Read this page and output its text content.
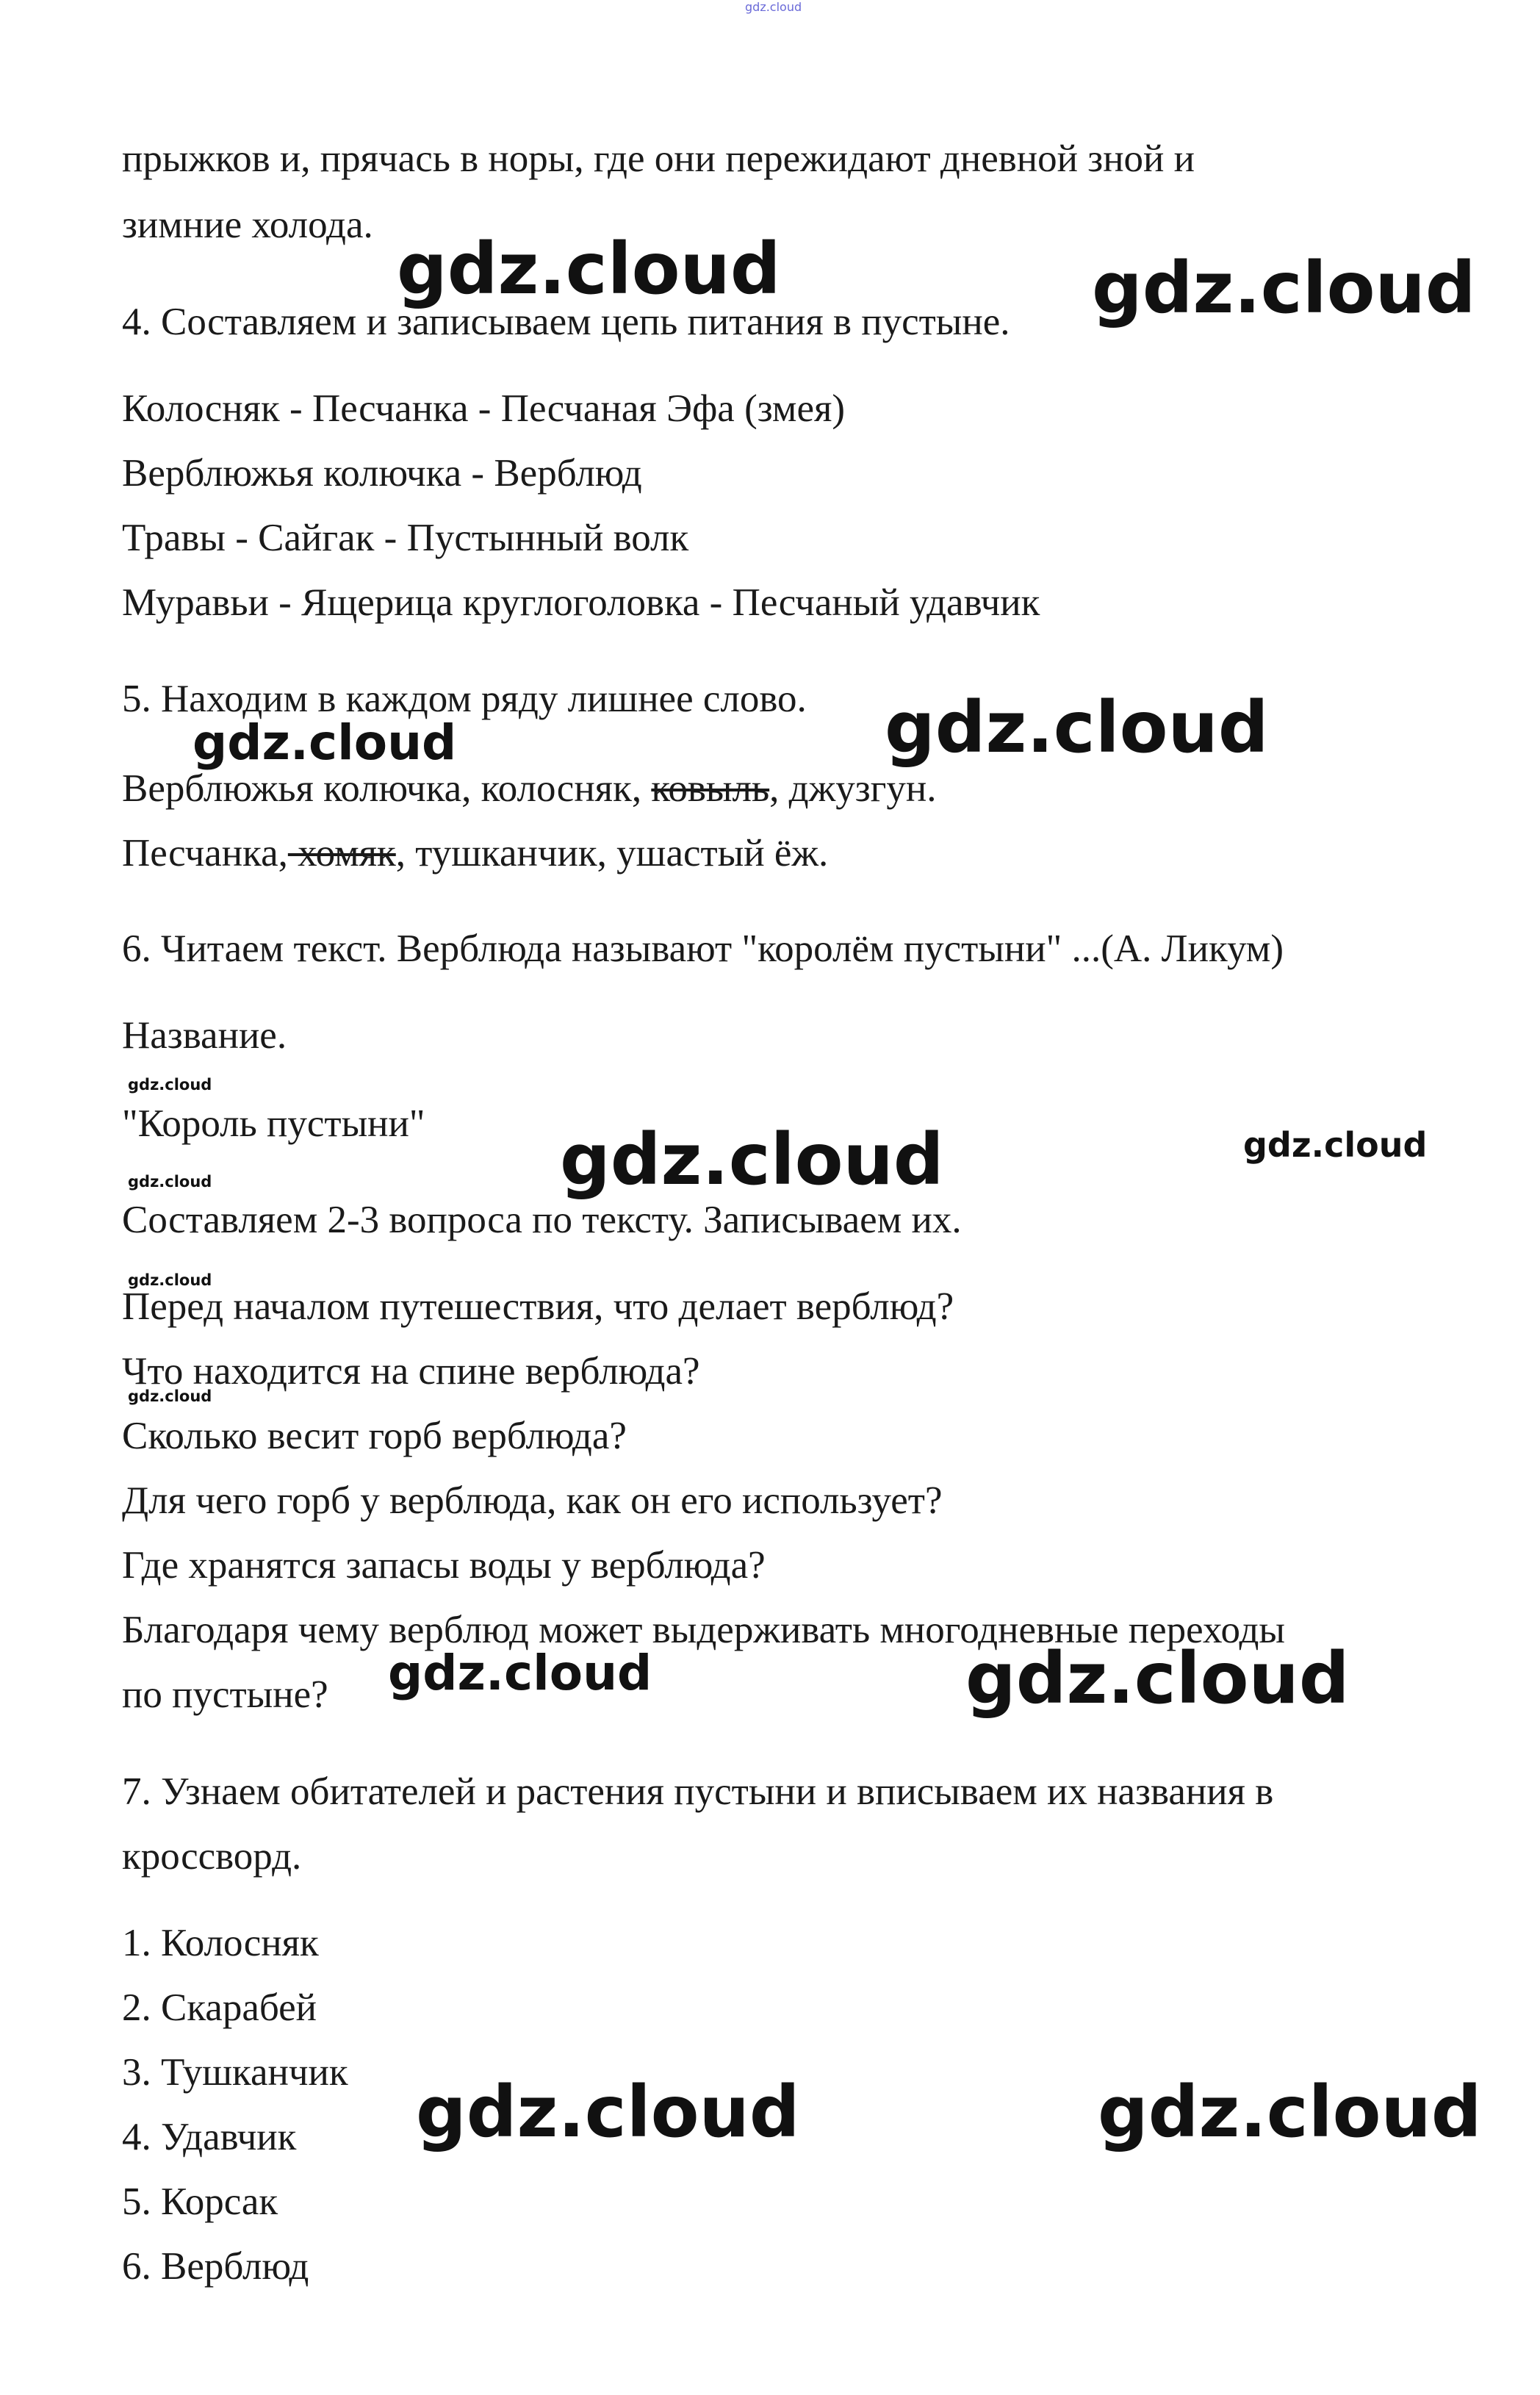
прыжков и, прячась в норы, где они пережидают дневной зной и
зимние холода.
4. Составляем и записываем цепь питания в пустыне.
Колосняк - Песчанка - Песчаная Эфа (змея)
Верблюжья колючка - Верблюд
Травы - Сайгак - Пустынный волк
Муравьи - Ящерица круглоголовка - Песчаный удавчик
5. Находим в каждом ряду лишнее слово.
Верблюжья колючка, колосняк, ковыль, джузгун.
Песчанка, хомяк, тушканчик, ушастый ёж.
6. Читаем текст. Верблюда называют "королём пустыни" ...(А. Ликум)
Название.
"Король пустыни"
Составляем 2-3 вопроса по тексту. Записываем их.
Перед началом путешествия, что делает верблюд?
Что находится на спине верблюда?
Сколько весит горб верблюда?
Для чего горб у верблюда, как он его использует?
Где хранятся запасы воды у верблюда?
Благодаря чему верблюд может выдерживать многодневные переходы
по пустыне?
7. Узнаем обитателей и растения пустыни и вписываем их названия в
кроссворд.
1. Колосняк
2. Скарабей
3. Тушканчик
4. Удавчик
5. Корсак
6. Верблюд
gdz.cloud
gdz.cloud	gdz.cloud
gdz.cloud	gdz.cloud
gdz.cloud
gdz.cloud	gdz.cloud
gdz.cloud
gdz.cloud
gdz.cloud
gdz.cloud	gdz.cloud
gdz.cloud	gdz.cloud
